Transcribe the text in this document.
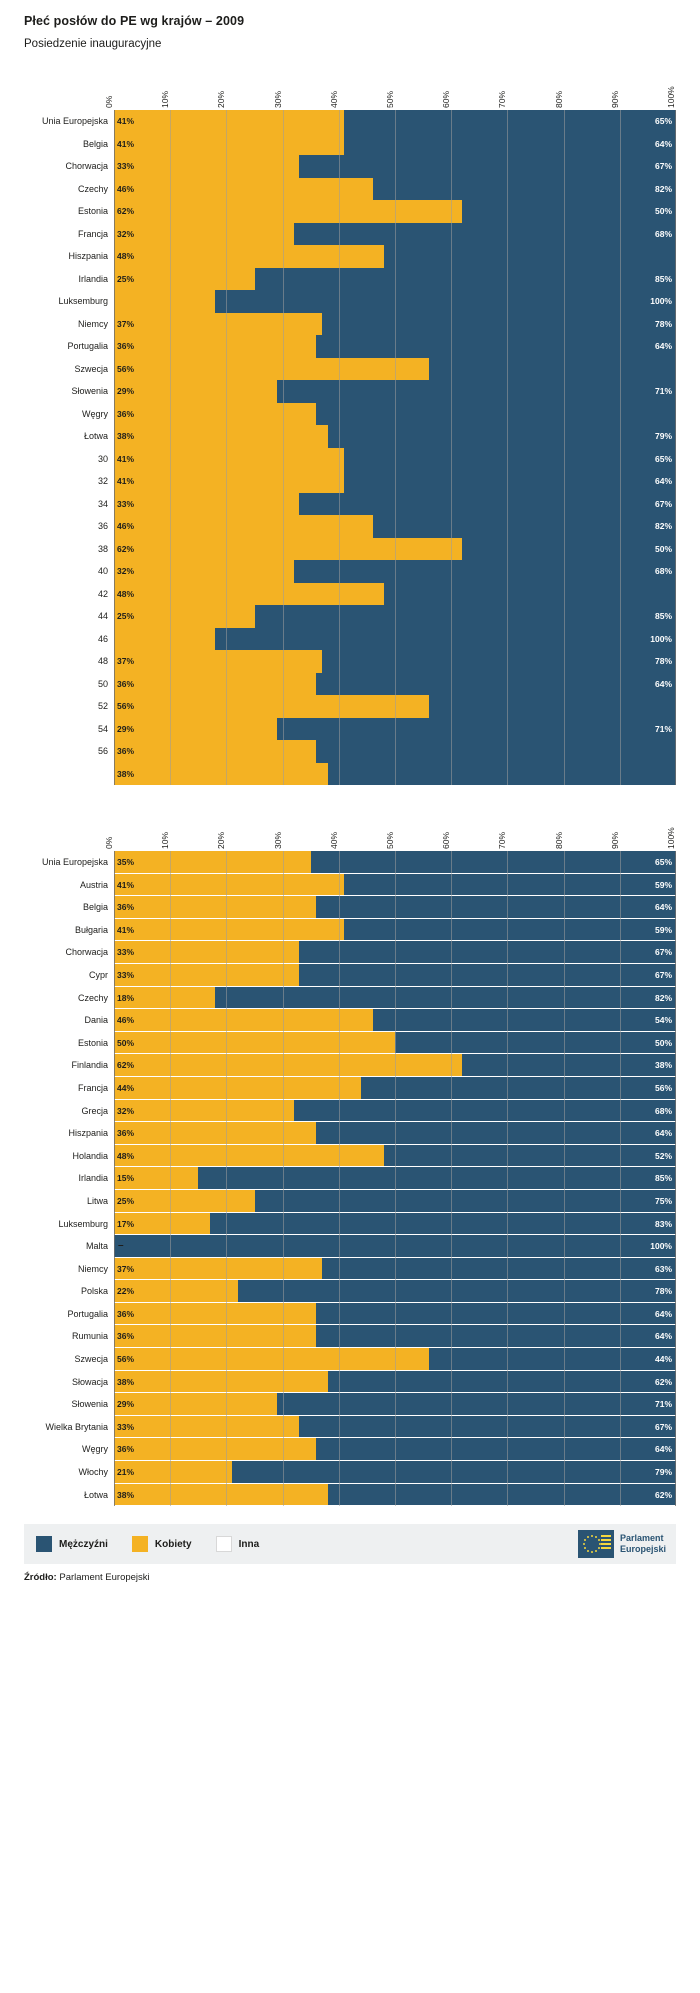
Płeć posłów do PE wg krajów – 2009
Posiedzenie inauguracyjne
0%	10%	20%	30%	40%	50%	60%	70%	80%	90%	100%
Unia Europejska 41%	65%
Belgia 41%	64%
Chorwacja 33%	67%
Czechy 46%	82%
Estonia 62%	50%
Francja 32%	68%
Hiszpania 48%
Irlandia 25%	85%
Luksemburg	100%
Niemcy 37%	78%
Portugalia 36%	64%
Szwecja 56%
Słowenia 29%	71%
Węgry 36%
Łotwa 38%	79%
30 41%	65%
32 41%	64%
34 33%	67%
36 46%	82%
38 62%	50%
40 32%	68%
42 48%
44 25%	85%
46	100%
48 37%	78%
50 36%	64%
52 56%
54 29%	71%
56 36%
38%
0%	10%	20%	30%	40%	50%	60%	70%	80%	90%	100%
Unia Europejska 35%	65%
Austria 41%	59%
Belgia 36%	64%
Bułgaria 41%	59%
Chorwacja 33%	67%
Cypr 33%	67%
Czechy 18%	82%
Dania 46%	54%
Estonia 50%	50%
Finlandia 62%	38%
Francja 44%	56%
Grecja 32%	68%
Hiszpania 36%	64%
Holandia 48%	52%
Irlandia 15%	85%
Litwa 25%	75%
Luksemburg 17%	83%
Malta –	100%
Niemcy 37%	63%
Polska 22%	78%
Portugalia 36%	64%
Rumunia 36%	64%
Szwecja 56%	44%
Słowacja 38%	62%
Słowenia 29%	71%
Wielka Brytania 33%	67%
Węgry 36%	64%
Włochy 21%	79%
Łotwa 38%	62%
Mężczyźni	Kobiety	Inna
Parlament
Europejski
Źródło: Parlament Europejski
